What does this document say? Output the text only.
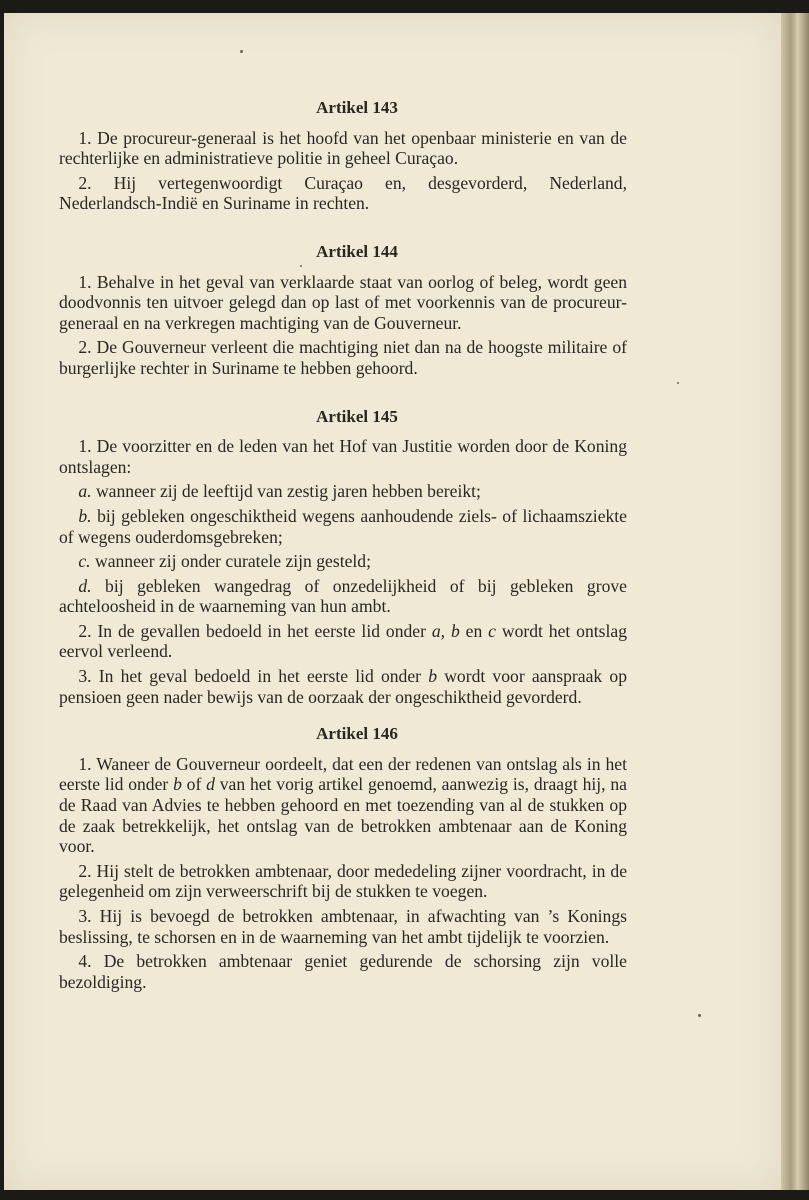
Artikel 143

1. De procureur-generaal is het hoofd van het openbaar ministerie en van de rechterlijke en administratieve politie in geheel Curaçao.

2. Hij vertegenwoordigt Curaçao en, desgevorderd, Nederland, Nederlandsch-Indië en Suriname in rechten.

Artikel 144

1. Behalve in het geval van verklaarde staat van oorlog of beleg, wordt geen doodvonnis ten uitvoer gelegd dan op last of met voorkennis van de procureur-generaal en na verkregen machtiging van de Gouverneur.

2. De Gouverneur verleent die machtiging niet dan na de hoogste militaire of burgerlijke rechter in Suriname te hebben gehoord.

Artikel 145

1. De voorzitter en de leden van het Hof van Justitie worden door de Koning ontslagen:

a. wanneer zij de leeftijd van zestig jaren hebben bereikt;

b. bij gebleken ongeschiktheid wegens aanhoudende ziels- of lichaamsziekte of wegens ouderdomsgebreken;

c. wanneer zij onder curatele zijn gesteld;

d. bij gebleken wangedrag of onzedelijkheid of bij gebleken grove achteloosheid in de waarneming van hun ambt.

2. In de gevallen bedoeld in het eerste lid onder a, b en c wordt het ontslag eervol verleend.

3. In het geval bedoeld in het eerste lid onder b wordt voor aanspraak op pensioen geen nader bewijs van de oorzaak der ongeschiktheid gevorderd.

Artikel 146

1. Waneer de Gouverneur oordeelt, dat een der redenen van ontslag als in het eerste lid onder b of d van het vorig artikel genoemd, aanwezig is, draagt hij, na de Raad van Advies te hebben gehoord en met toezending van al de stukken op de zaak betrekkelijk, het ontslag van de betrokken ambtenaar aan de Koning voor.

2. Hij stelt de betrokken ambtenaar, door mededeling zijner voordracht, in de gelegenheid om zijn verweerschrift bij de stukken te voegen.

3. Hij is bevoegd de betrokken ambtenaar, in afwachting van ’s Konings beslissing, te schorsen en in de waarneming van het ambt tijdelijk te voorzien.

4. De betrokken ambtenaar geniet gedurende de schorsing zijn volle bezoldiging.
